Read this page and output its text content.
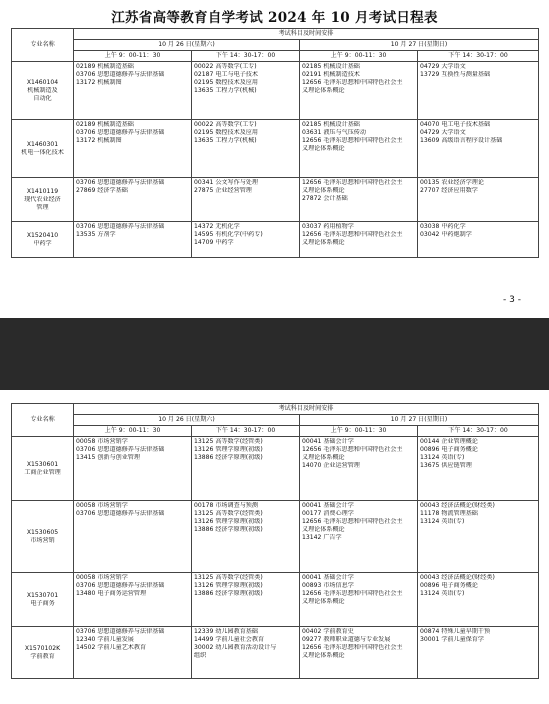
江苏省高等教育自学考试 2024 年 10 月考试日程表
专业名称	考试科目及时间安排			
	10 月 26 日(星期六)		10 月 27 日(星期日)	
	上午 9：00-11：30	下午 14：30-17：00	上午 9：00-11：30	下午 14：30-17：00

X1460104
机械制造及
自动化	02189 机械制造基础
03706 思想道德修养与法律基础
13172 机械制图	00022 高等数学(工专)
02187 电工与电子技术
02195 数控技术及应用
13635 工程力学(机械)	02185 机械设计基础
02191 机械制造技术
12656 毛泽东思想和中国特色社会主
义理论体系概论	04729 大学语文
13729 互换性与测量基础

X1460301
机电一体化技术	02189 机械制造基础
03706 思想道德修养与法律基础
13172 机械制图	00022 高等数学(工专)
02195 数控技术及应用
13635 工程力学(机械)	02185 机械设计基础
03631 液压与气压传动
12656 毛泽东思想和中国特色社会主
义理论体系概论	04070 电工电子技术基础
04729 大学语文
13609 高级语言程序设计基础

X1410119
现代农业经济
管理	03706 思想道德修养与法律基础
27869 经济学基础	00341 公文写作与处理
27875 企业经营管理	12656 毛泽东思想和中国特色社会主
义理论体系概论
27872 会计基础	00135 农业经济学理论
27707 经济应用数学

X1520410
中药学	03706 思想道德修养与法律基础
13535 方剂学	14372 无机化学
14595 有机化学(中药专)
14709 中药学	03037 药用植物学
12656 毛泽东思想和中国特色社会主
义理论体系概论	03038 中药化学
03042 中药炮制学
- 3 -
专业名称	考试科目及时间安排			
	10 月 26 日(星期六)		10 月 27 日(星期日)	
	上午 9：00-11：30	下午 14：30-17：00	上午 9：00-11：30	下午 14：30-17：00

X1530601
工商企业管理	00058 市场营销学
03706 思想道德修养与法律基础
13415 创新与创业管理	13125 高等数学(经管类)
13126 管理学原理(初级)
13886 经济学原理(初级)	00041 基础会计学
12656 毛泽东思想和中国特色社会主
义理论体系概论
14070 企业运营管理	00144 企业管理概论
00896 电子商务概论
13124 英语(专)
13675 供应链管理

X1530605
市场营销	00058 市场营销学
03706 思想道德修养与法律基础	00178 市场调查与预测
13125 高等数学(经管类)
13126 管理学原理(初级)
13886 经济学原理(初级)	00041 基础会计学
00177 消费心理学
12656 毛泽东思想和中国特色社会主
义理论体系概论
13142 广告学	00043 经济法概论(财经类)
11178 物流管理基础
13124 英语(专)

X1530701
电子商务	00058 市场营销学
03706 思想道德修养与法律基础
13480 电子商务运营管理	13125 高等数学(经管类)
13126 管理学原理(初级)
13886 经济学原理(初级)	00041 基础会计学
00893 市场信息学
12656 毛泽东思想和中国特色社会主
义理论体系概论	00043 经济法概论(财经类)
00896 电子商务概论
13124 英语(专)

X1570102K
学前教育	03706 思想道德修养与法律基础
12340 学前儿童发展
14502 学前儿童艺术教育	12339 幼儿园教育基础
14499 学前儿童社会教育
30002 幼儿园教育活动设计与
组织	00402 学前教育史
09277 教师职业道德与专业发展
12656 毛泽东思想和中国特色社会主
义理论体系概论	00874 特殊儿童早期干预
30001 学前儿童保育学
